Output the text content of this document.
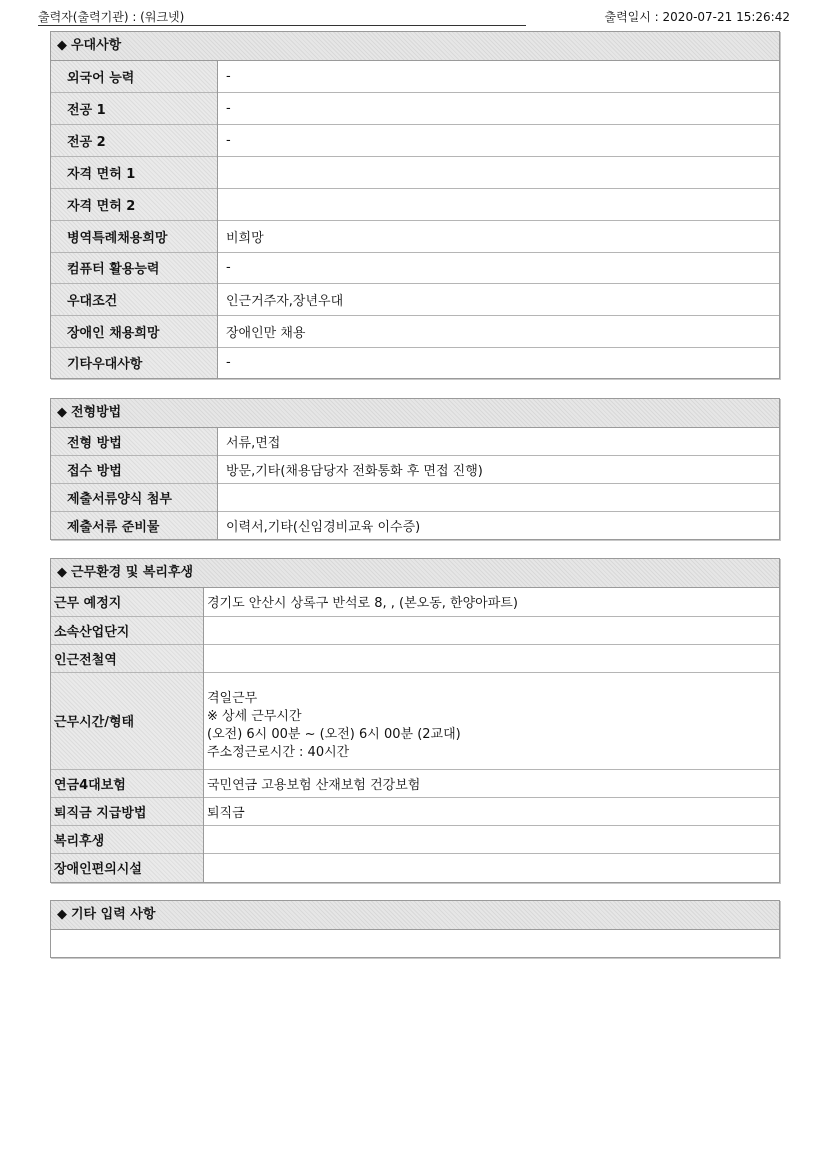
출력자(출력기관) : (워크넷)	출력일시 : 2020-07-21 15:26:42
◆ 우대사항
외국어 능력	-
전공 1	-
전공 2	-
자격 면허 1	
자격 면허 2	
병역특례채용희망	비희망
컴퓨터 활용능력	-
우대조건	인근거주자,장년우대
장애인 채용희망	장애인만 채용
기타우대사항	-
◆ 전형방법
전형 방법	서류,면접
접수 방법	방문,기타(채용담당자 전화통화 후 면접 진행)
제출서류양식 첨부	
제출서류 준비물	이력서,기타(신임경비교육 이수증)
◆ 근무환경 및 복리후생
근무 예정지	경기도 안산시 상록구 반석로 8, , (본오동, 한양아파트)
소속산업단지	
인근전철역	
근무시간/형태	격일근무
※ 상세 근무시간
(오전) 6시 00분 ~ (오전) 6시 00분 (2교대)
주소정근로시간 : 40시간

연금4대보험	국민연금 고용보험 산재보험 건강보험
퇴직금 지급방법	퇴직금
복리후생	
장애인편의시설	
◆ 기타 입력 사항
